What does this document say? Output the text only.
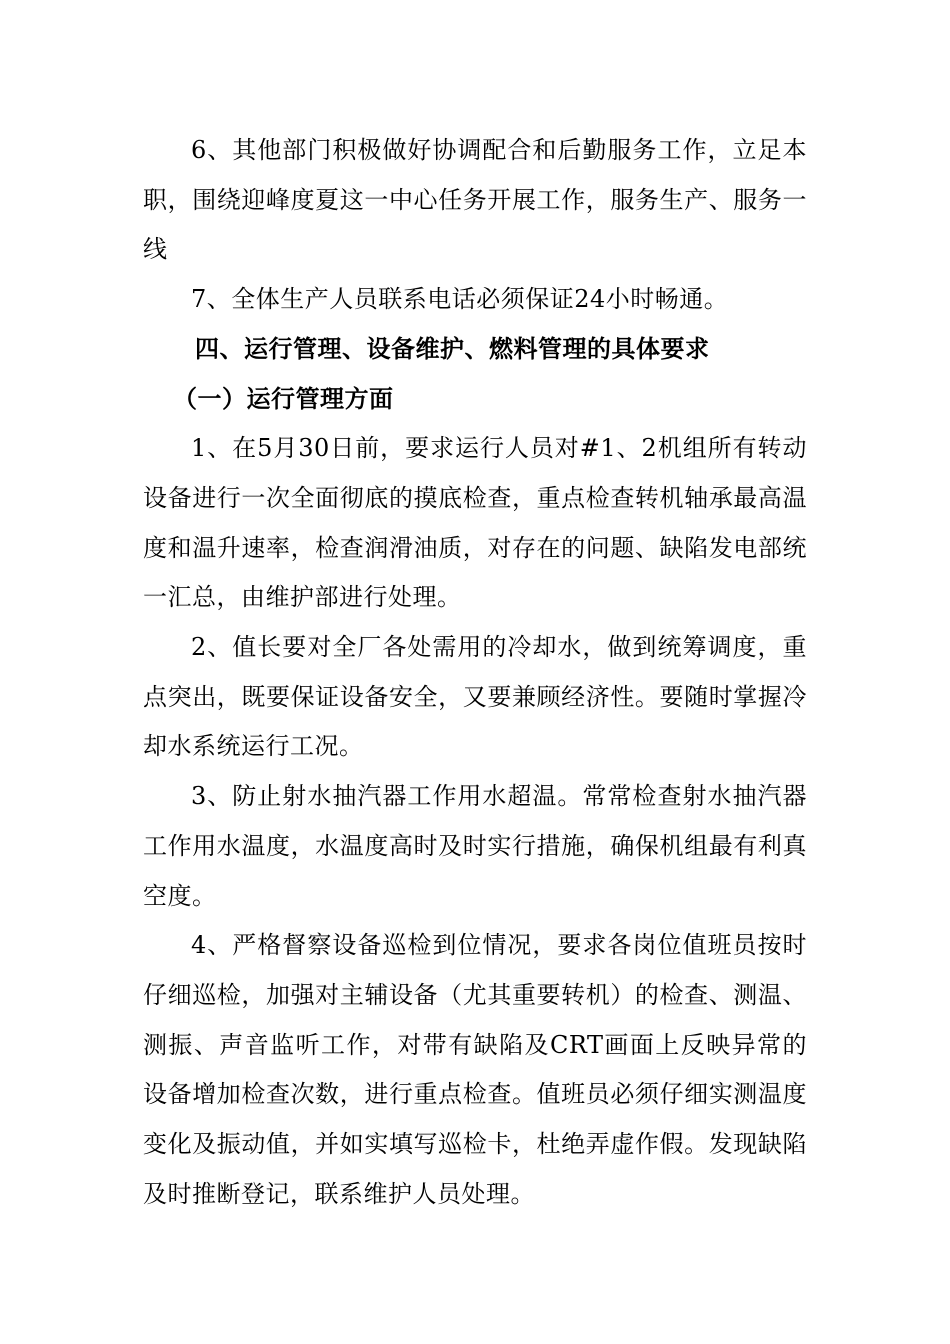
6、其他部门积极做好协调配合和后勤服务工作，立足本职，围绕迎峰度夏这一中心任务开展工作，服务生产、服务一线

7、全体生产人员联系电话必须保证24小时畅通。

四、运行管理、设备维护、燃料管理的具体要求

（一）运行管理方面

1、在5月30日前，要求运行人员对#1、2机组所有转动设备进行一次全面彻底的摸底检查，重点检查转机轴承最高温度和温升速率，检查润滑油质，对存在的问题、缺陷发电部统一汇总，由维护部进行处理。

2、值长要对全厂各处需用的冷却水，做到统筹调度，重点突出，既要保证设备安全，又要兼顾经济性。要随时掌握冷却水系统运行工况。

3、防止射水抽汽器工作用水超温。常常检查射水抽汽器工作用水温度，水温度高时及时实行措施，确保机组最有利真空度。

4、严格督察设备巡检到位情况，要求各岗位值班员按时仔细巡检，加强对主辅设备（尤其重要转机）的检查、测温、测振、声音监听工作，对带有缺陷及CRT画面上反映异常的设备增加检查次数，进行重点检查。值班员必须仔细实测温度变化及振动值，并如实填写巡检卡，杜绝弄虚作假。发现缺陷及时推断登记，联系维护人员处理。
